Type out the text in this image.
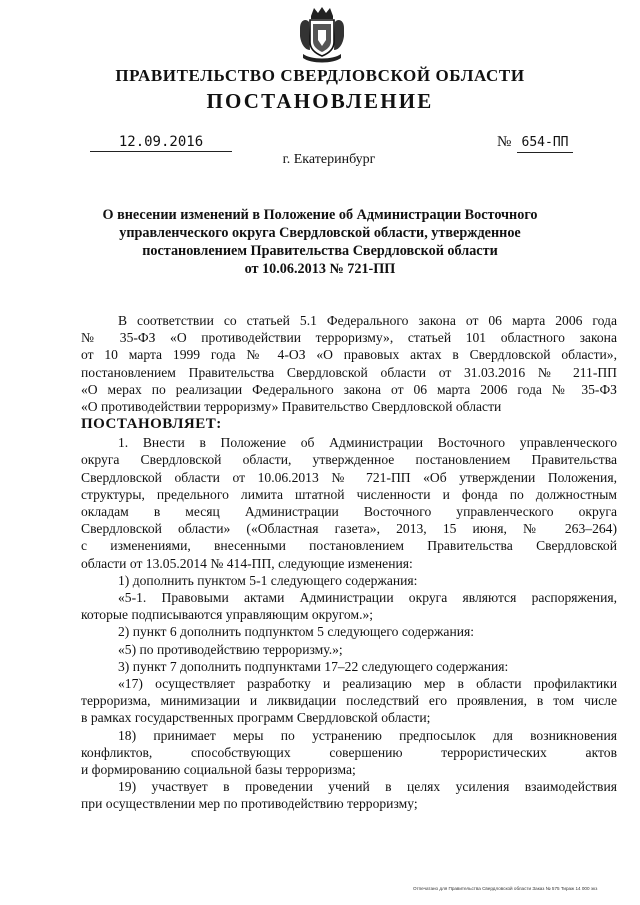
ПРАВИТЕЛЬСТВО СВЕРДЛОВСКОЙ ОБЛАСТИ
ПОСТАНОВЛЕНИЕ
12.09.2016	№ 654-ПП
г. Екатеринбург
О внесении изменений в Положение об Администрации Восточного
управленческого округа Свердловской области, утвержденное
постановлением Правительства Свердловской области
от 10.06.2013 № 721-ПП
В соответствии со статьей 5.1 Федерального закона от 06 марта 2006 года
№ 35-ФЗ «О противодействии терроризму», статьей 101 областного закона
от 10 марта 1999 года № 4-ОЗ «О правовых актах в Свердловской области»,
постановлением Правительства Свердловской области от 31.03.2016 № 211-ПП
«О мерах по реализации Федерального закона от 06 марта 2006 года № 35-ФЗ
«О противодействии терроризму» Правительство Свердловской области
ПОСТАНОВЛЯЕТ:
1. Внести в Положение об Администрации Восточного управленческого
округа Свердловской области, утвержденное постановлением Правительства
Свердловской области от 10.06.2013 № 721-ПП «Об утверждении Положения,
структуры, предельного лимита штатной численности и фонда по должностным
окладам в месяц Администрации Восточного управленческого округа
Свердловской области» («Областная газета», 2013, 15 июня, № 263–264)
с изменениями, внесенными постановлением Правительства Свердловской
области от 13.05.2014 № 414-ПП, следующие изменения:
1) дополнить пунктом 5-1 следующего содержания:
«5-1. Правовыми актами Администрации округа являются распоряжения,
которые подписываются управляющим округом.»;
2) пункт 6 дополнить подпунктом 5 следующего содержания:
«5) по противодействию терроризму.»;
3) пункт 7 дополнить подпунктами 17–22 следующего содержания:
«17) осуществляет разработку и реализацию мер в области профилактики
терроризма, минимизации и ликвидации последствий его проявления, в том числе
в рамках государственных программ Свердловской области;
18) принимает меры по устранению предпосылок для возникновения
конфликтов, способствующих совершению террористических актов
и формированию социальной базы терроризма;
19) участвует в проведении учений в целях усиления взаимодействия
при осуществлении мер по противодействию терроризму;
Отпечатано для Правительства Свердловской области Заказ № 575 Тираж 14 000 экз
